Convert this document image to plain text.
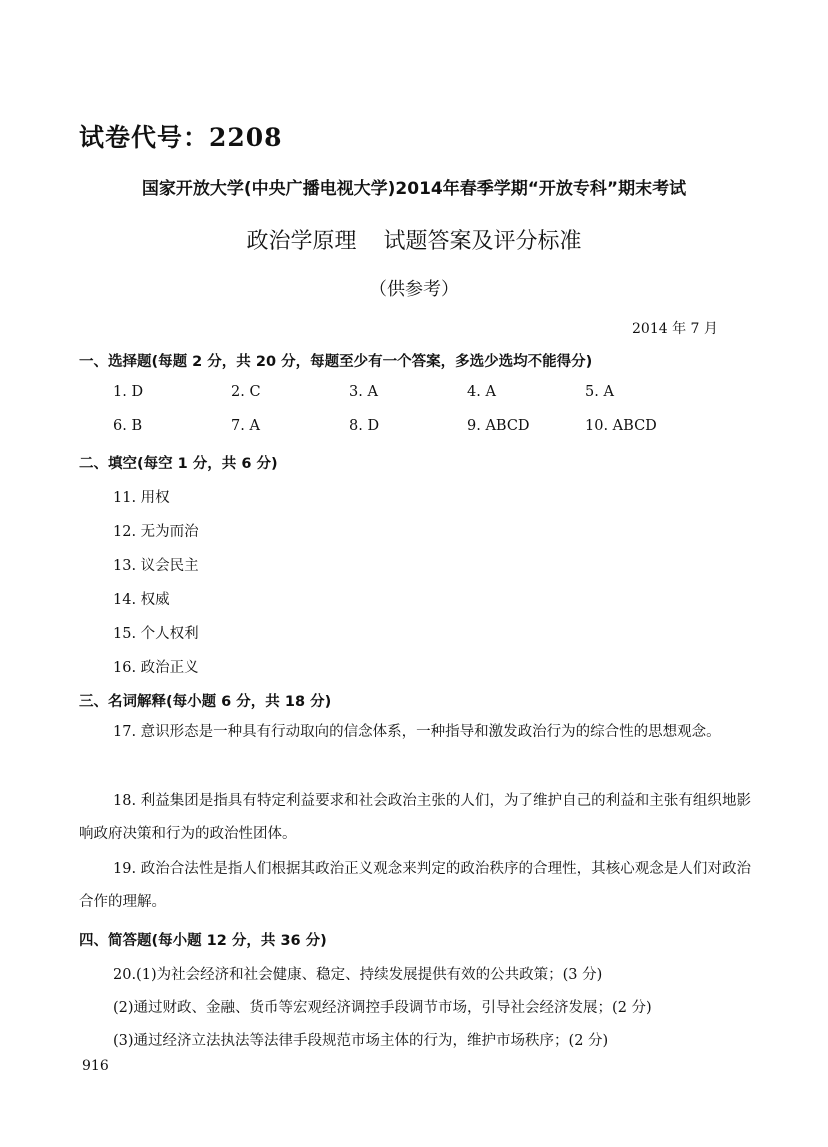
试卷代号：2208
国家开放大学(中央广播电视大学)2014年春季学期“开放专科”期末考试
政治学原理 试题答案及评分标准
（供参考）
2014 年 7 月
一、选择题(每题 2 分，共 20 分，每题至少有一个答案，多选少选均不能得分)
1. D	2. C	3. A	4. A	5. A
6. B	7. A	8. D	9. ABCD	10. ABCD
二、填空(每空 1 分，共 6 分)
11. 用权
12. 无为而治
13. 议会民主
14. 权威
15. 个人权利
16. 政治正义
三、名词解释(每小题 6 分，共 18 分)
17. 意识形态是一种具有行动取向的信念体系，一种指导和激发政治行为的综合性的思想观念。
18. 利益集团是指具有特定利益要求和社会政治主张的人们，为了维护自己的利益和主张有组织地影响政府决策和行为的政治性团体。
19. 政治合法性是指人们根据其政治正义观念来判定的政治秩序的合理性，其核心观念是人们对政治合作的理解。
四、简答题(每小题 12 分，共 36 分)
20.(1)为社会经济和社会健康、稳定、持续发展提供有效的公共政策；(3 分)
(2)通过财政、金融、货币等宏观经济调控手段调节市场，引导社会经济发展；(2 分)
(3)通过经济立法执法等法律手段规范市场主体的行为，维护市场秩序；(2 分)
916
